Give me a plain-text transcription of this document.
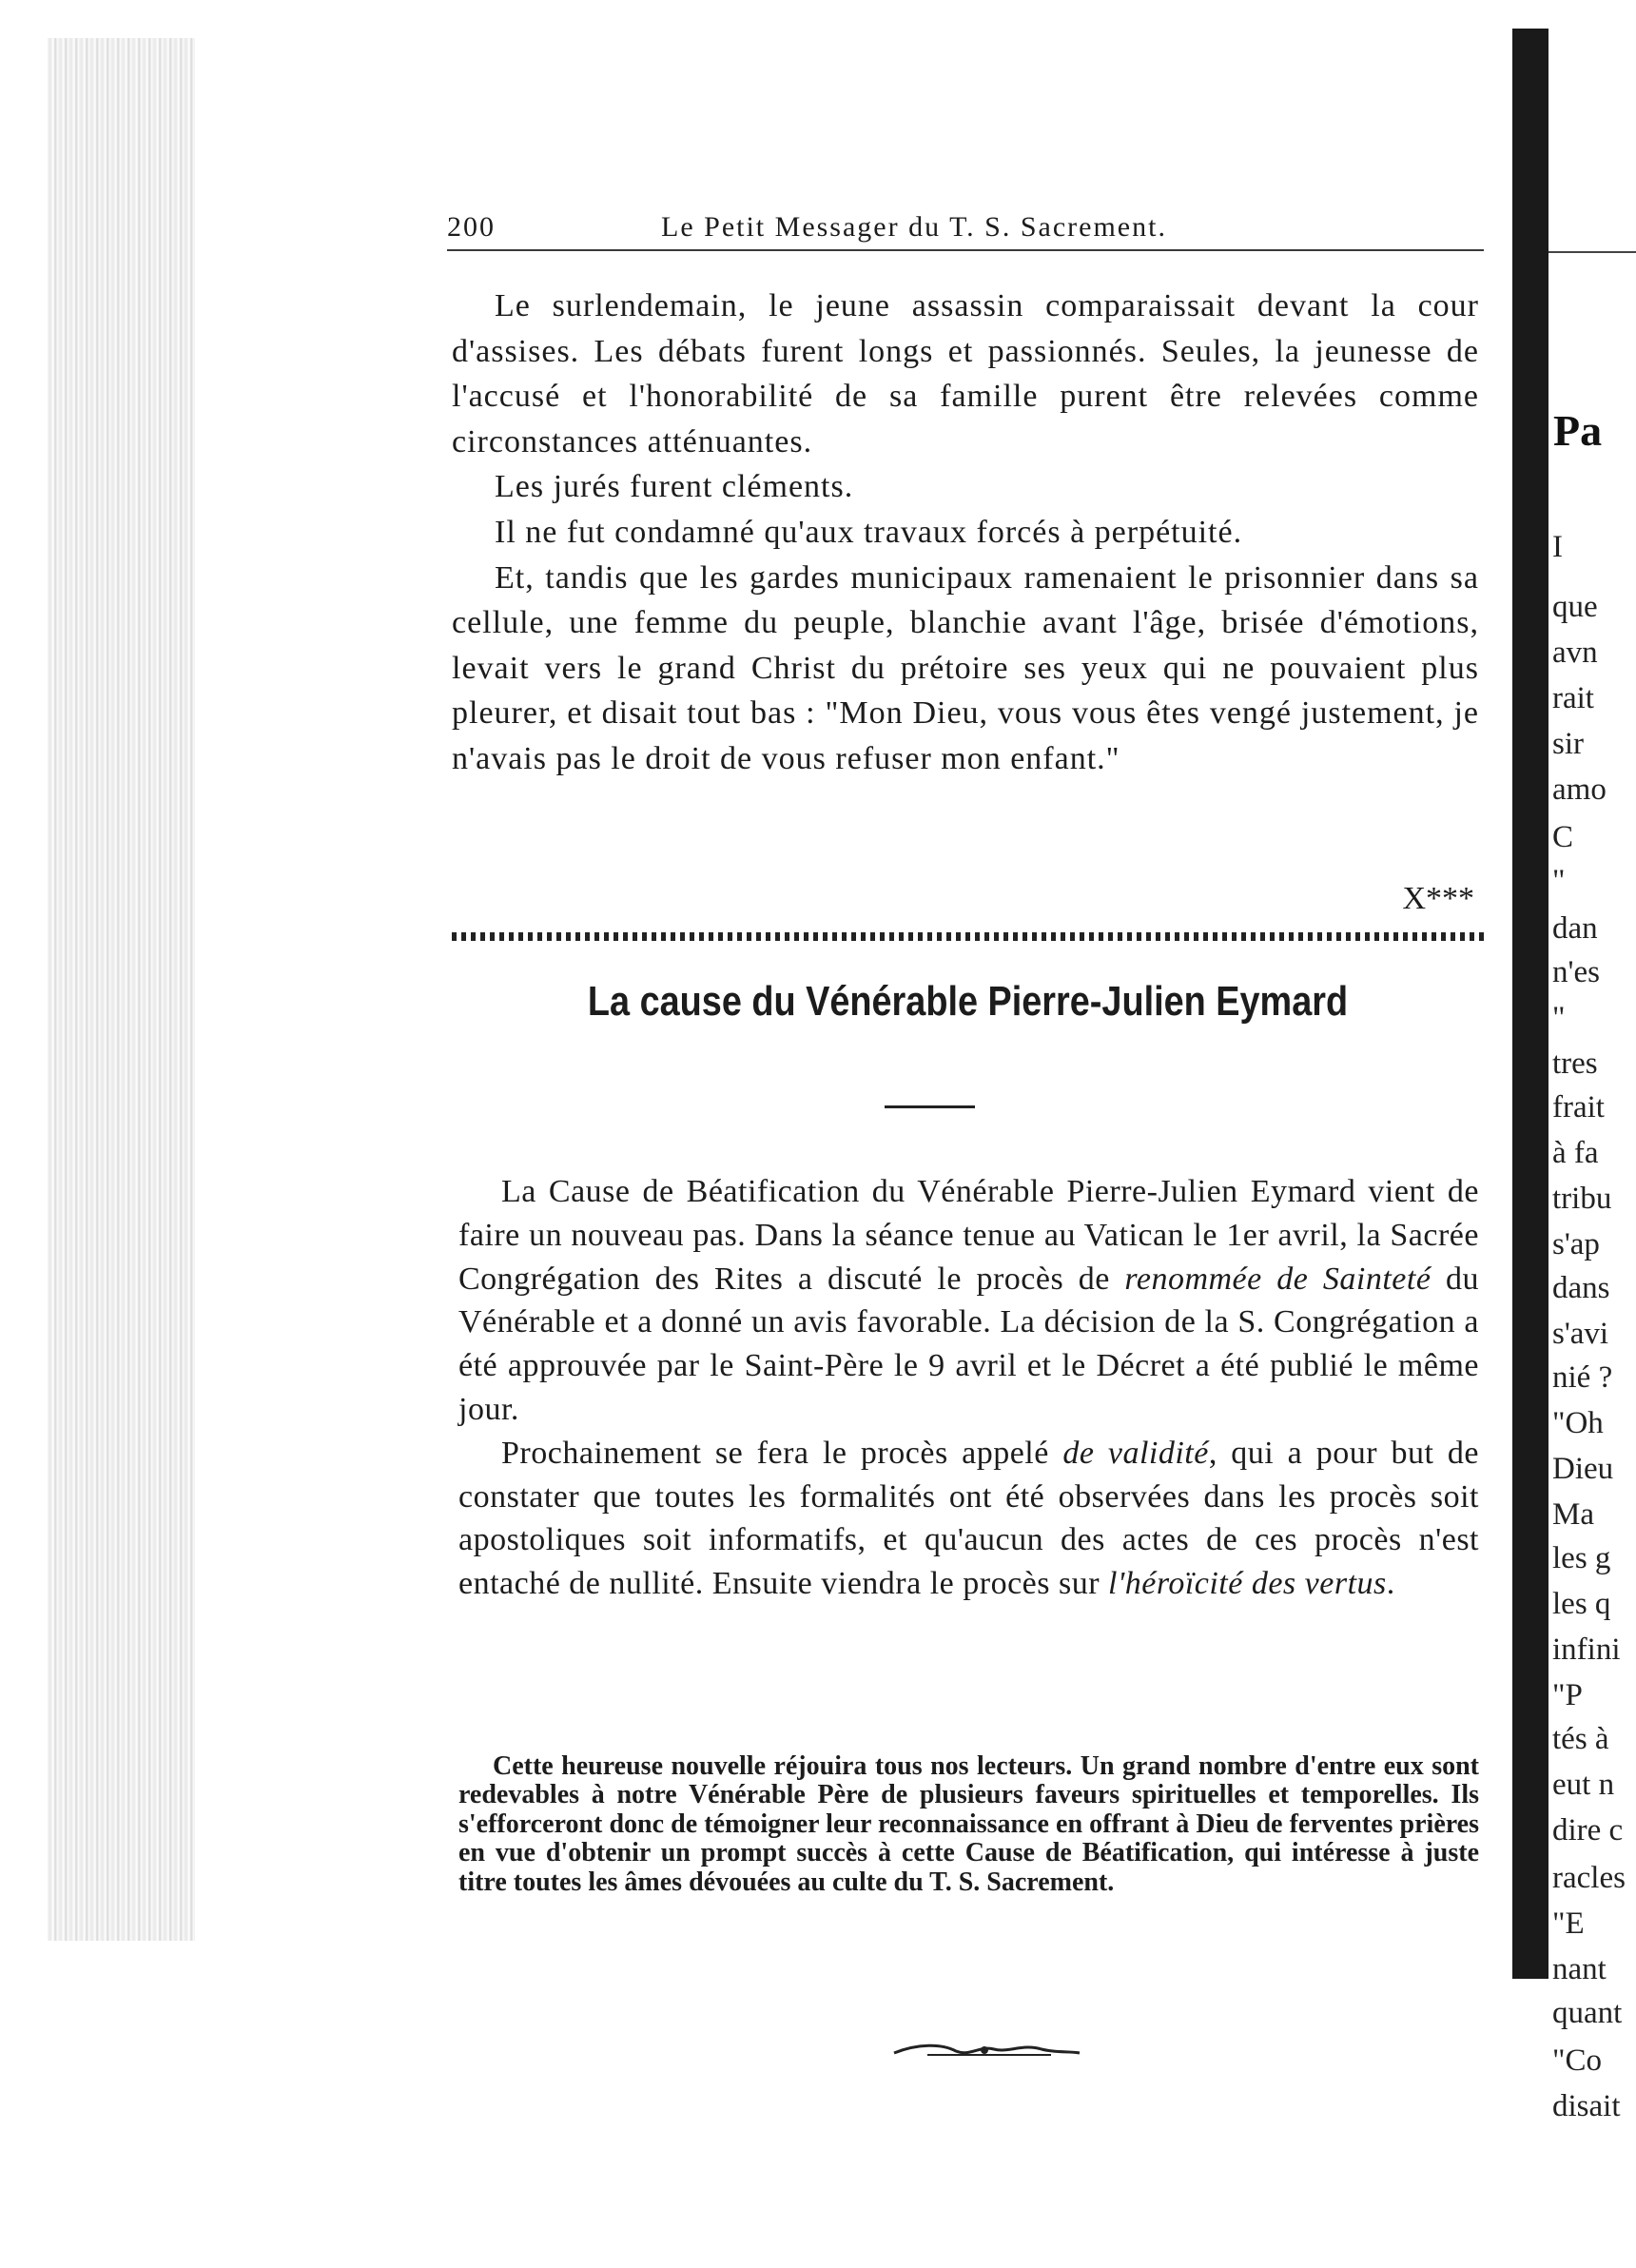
200	Le Petit Messager du T. S. Sacrement.

Le surlendemain, le jeune assassin comparaissait devant la cour d'assises. Les débats furent longs et passionnés. Seules, la jeunesse de l'accusé et l'honorabilité de sa famille purent être relevées comme circonstances atténuantes.

Les jurés furent cléments.

Il ne fut condamné qu'aux travaux forcés à perpétuité.

Et, tandis que les gardes municipaux ramenaient le prisonnier dans sa cellule, une femme du peuple, blanchie avant l'âge, brisée d'émotions, levait vers le grand Christ du prétoire ses yeux qui ne pouvaient plus pleurer, et disait tout bas : "Mon Dieu, vous vous êtes vengé justement, je n'avais pas le droit de vous refuser mon enfant."

X***
La cause du Vénérable Pierre-Julien Eymard

La Cause de Béatification du Vénérable Pierre-Julien Eymard vient de faire un nouveau pas. Dans la séance tenue au Vatican le 1er avril, la Sacrée Congrégation des Rites a discuté le procès de renommée de Sainteté du Vénérable et a donné un avis favorable. La décision de la S. Congrégation a été approuvée par le Saint-Père le 9 avril et le Décret a été publié le même jour.

Prochainement se fera le procès appelé de validité, qui a pour but de constater que toutes les formalités ont été observées dans les procès soit apostoliques soit informatifs, et qu'aucun des actes de ces procès n'est entaché de nullité. Ensuite viendra le procès sur l'héroïcité des vertus.

Cette heureuse nouvelle réjouira tous nos lecteurs. Un grand nombre d'entre eux sont redevables à notre Vénérable Père de plusieurs faveurs spirituelles et temporelles. Ils s'efforceront donc de témoigner leur reconnaissance en offrant à Dieu de ferventes prières en vue d'obtenir un prompt succès à cette Cause de Béatification, qui intéresse à juste titre toutes les âmes dévouées au culte du T. S. Sacrement.

Pa
I
que
avn
rait
sir
amo
C
"
dan
n'es
"
tres
frait
à fa
tribu
s'ap
dans
s'avi
nié ?
"Oh
Dieu
Ma
les g
les q
infini
"P
tés à
eut n
dire c
racles
"E
nant
quant
"Co
disait
